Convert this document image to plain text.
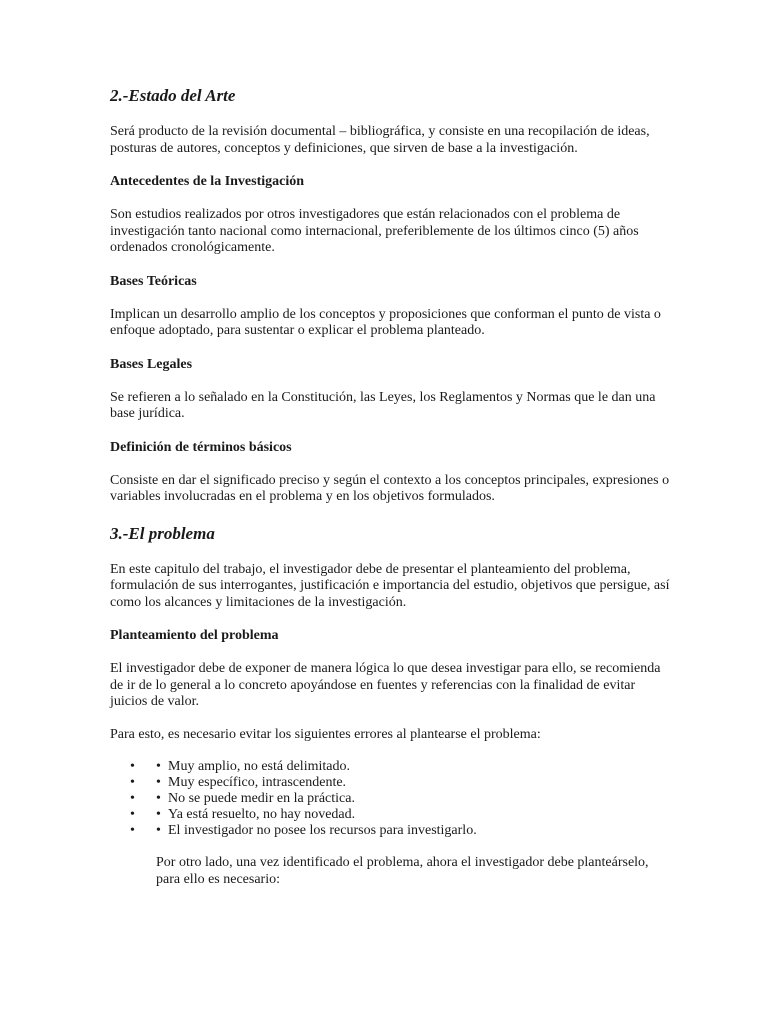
2.-Estado del Arte

Será producto de la revisión documental – bibliográfica, y consiste en una recopilación de ideas, posturas de autores, conceptos y definiciones, que sirven de base a la investigación.

Antecedentes de la Investigación

Son estudios realizados por otros investigadores que están relacionados con el problema de investigación tanto nacional como internacional, preferiblemente de los últimos cinco (5) años ordenados cronológicamente.

Bases Teóricas

Implican un desarrollo amplio de los conceptos y proposiciones que conforman el punto de vista o enfoque adoptado, para sustentar o explicar el problema planteado.

Bases Legales

Se refieren a lo señalado en la Constitución, las Leyes, los Reglamentos y Normas que le dan una base jurídica.

Definición de términos básicos

Consiste en dar el significado preciso y según el contexto a los conceptos principales, expresiones o variables involucradas en el problema y en los objetivos formulados.

3.-El problema

En este capitulo del trabajo, el investigador debe de presentar el planteamiento del problema, formulación de sus interrogantes, justificación e importancia del estudio, objetivos que persigue, así como los alcances y limitaciones de la investigación.

Planteamiento del problema

El investigador debe de exponer de manera lógica lo que desea investigar para ello, se recomienda de ir de lo general a lo concreto apoyándose en fuentes y referencias con la finalidad de evitar juicios de valor.

Para esto, es necesario evitar los siguientes errores al plantearse el problema:

• • Muy amplio, no está delimitado.
• • Muy específico, intrascendente.
• • No se puede medir en la práctica.
• • Ya está resuelto, no hay novedad.
• • El investigador no posee los recursos para investigarlo.

Por otro lado, una vez identificado el problema, ahora el investigador debe planteárselo, para ello es necesario:
